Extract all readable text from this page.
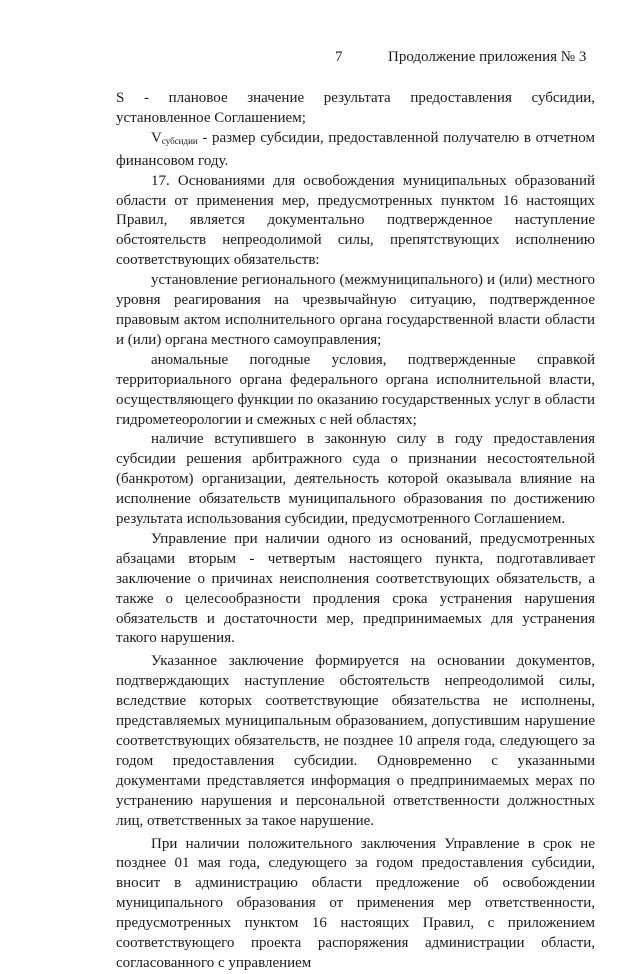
7	Продолжение приложения № 3

S - плановое значение результата предоставления субсидии, установленное Соглашением;

$V_{субсидии}$ - размер субсидии, предоставленной получателю в отчетном финансовом году.

17. Основаниями для освобождения муниципальных образований области от применения мер, предусмотренных пунктом 16 настоящих Правил, является документально подтвержденное наступление обстоятельств непреодолимой силы, препятствующих исполнению соответствующих обязательств:

установление регионального (межмуниципального) и (или) местного уровня реагирования на чрезвычайную ситуацию, подтвержденное правовым актом исполнительного органа государственной власти области и (или) органа местного самоуправления;

аномальные погодные условия, подтвержденные справкой территориального органа федерального органа исполнительной власти, осуществляющего функции по оказанию государственных услуг в области гидрометеорологии и смежных с ней областях;

наличие вступившего в законную силу в году предоставления субсидии решения арбитражного суда о признании несостоятельной (банкротом) организации, деятельность которой оказывала влияние на исполнение обязательств муниципального образования по достижению результата использования субсидии, предусмотренного Соглашением.

Управление при наличии одного из оснований, предусмотренных абзацами вторым - четвертым настоящего пункта, подготавливает заключение о причинах неисполнения соответствующих обязательств, а также о целесообразности продления срока устранения нарушения обязательств и достаточности мер, предпринимаемых для устранения такого нарушения.

Указанное заключение формируется на основании документов, подтверждающих наступление обстоятельств непреодолимой силы, вследствие которых соответствующие обязательства не исполнены, представляемых муниципальным образованием, допустившим нарушение соответствующих обязательств, не позднее 10 апреля года, следующего за годом предоставления субсидии. Одновременно с указанными документами представляется информация о предпринимаемых мерах по устранению нарушения и персональной ответственности должностных лиц, ответственных за такое нарушение.

При наличии положительного заключения Управление в срок не позднее 01 мая года, следующего за годом предоставления субсидии, вносит в администрацию области предложение об освобождении муниципального образования от применения мер ответственности, предусмотренных пунктом 16 настоящих Правил, с приложением соответствующего проекта распоряжения администрации области, согласованного с управлением
